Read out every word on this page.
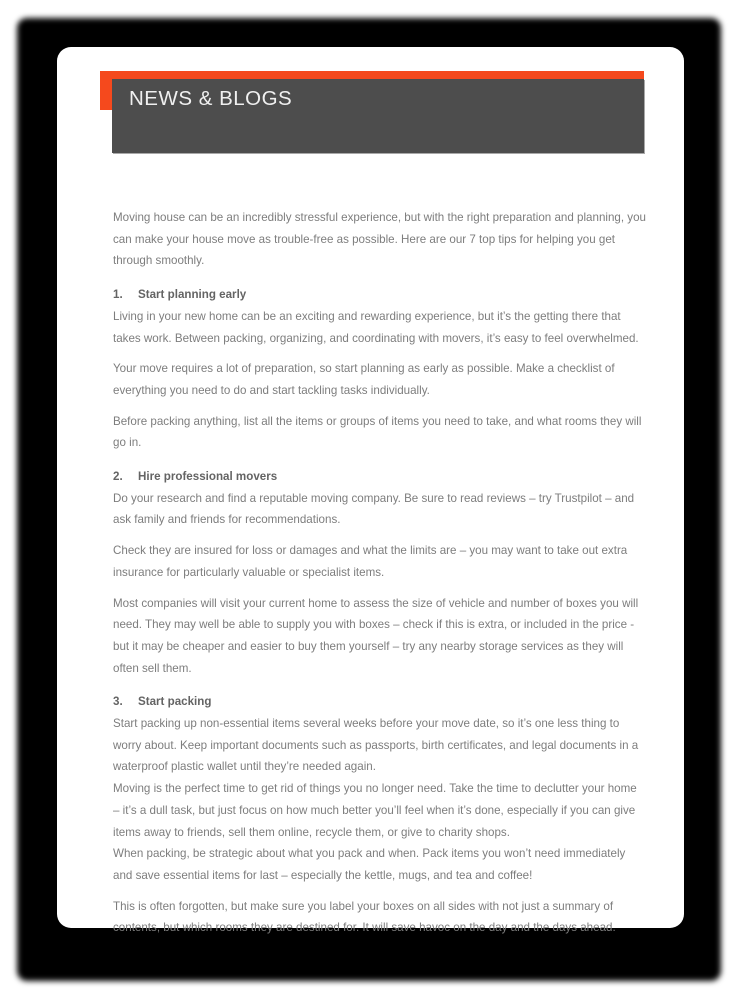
NEWS & BLOGS

Moving house can be an incredibly stressful experience, but with the right preparation and planning, you can make your house move as trouble-free as possible. Here are our 7 top tips for helping you get through smoothly.

1. Start planning early

Living in your new home can be an exciting and rewarding experience, but it’s the getting there that takes work. Between packing, organizing, and coordinating with movers, it’s easy to feel overwhelmed.

Your move requires a lot of preparation, so start planning as early as possible. Make a checklist of everything you need to do and start tackling tasks individually.

Before packing anything, list all the items or groups of items you need to take, and what rooms they will go in.

2. Hire professional movers

Do your research and find a reputable moving company. Be sure to read reviews – try Trustpilot – and ask family and friends for recommendations.

Check they are insured for loss or damages and what the limits are – you may want to take out extra insurance for particularly valuable or specialist items.

Most companies will visit your current home to assess the size of vehicle and number of boxes you will need. They may well be able to supply you with boxes – check if this is extra, or included in the price - but it may be cheaper and easier to buy them yourself – try any nearby storage services as they will often sell them.

3. Start packing

Start packing up non-essential items several weeks before your move date, so it’s one less thing to worry about. Keep important documents such as passports, birth certificates, and legal documents in a waterproof plastic wallet until they’re needed again.

Moving is the perfect time to get rid of things you no longer need. Take the time to declutter your home – it’s a dull task, but just focus on how much better you’ll feel when it’s done, especially if you can give items away to friends, sell them online, recycle them, or give to charity shops.

When packing, be strategic about what you pack and when. Pack items you won’t need immediately and save essential items for last – especially the kettle, mugs, and tea and coffee!

This is often forgotten, but make sure you label your boxes on all sides with not just a summary of contents, but which rooms they are destined for. It will save havoc on the day and the days ahead.
